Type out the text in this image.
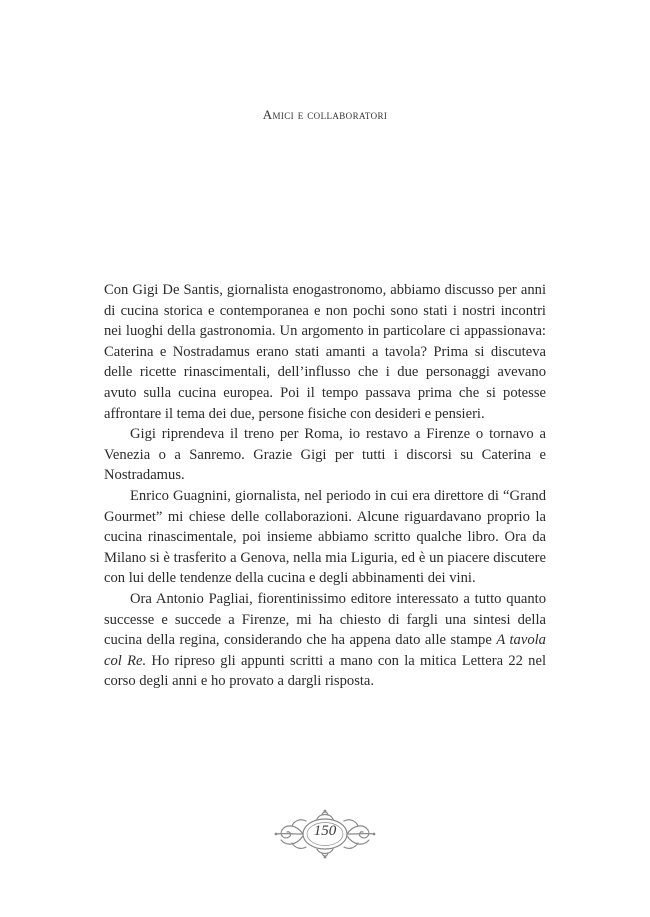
Amici e collaboratori

Con Gigi De Santis, giornalista enogastronomo, abbiamo discusso per anni di cucina storica e contemporanea e non pochi sono stati i nostri incontri nei luoghi della gastronomia. Un argomento in particolare ci appassionava: Caterina e Nostradamus erano stati amanti a tavola? Prima si discuteva delle ricette rinascimentali, dell’influsso che i due personaggi avevano avuto sulla cucina europea. Poi il tempo passava prima che si potesse affrontare il tema dei due, persone fisiche con desideri e pensieri.

Gigi riprendeva il treno per Roma, io restavo a Firenze o tornavo a Venezia o a Sanremo. Grazie Gigi per tutti i discorsi su Caterina e Nostradamus.

Enrico Guagnini, giornalista, nel periodo in cui era direttore di “Grand Gourmet” mi chiese delle collaborazioni. Alcune riguardavano proprio la cucina rinascimentale, poi insieme abbiamo scritto qualche libro. Ora da Milano si è trasferito a Genova, nella mia Liguria, ed è un piacere discutere con lui delle tendenze della cucina e degli abbinamenti dei vini.

Ora Antonio Pagliai, fiorentinissimo editore interessato a tutto quanto successe e succede a Firenze, mi ha chiesto di fargli una sintesi della cucina della regina, considerando che ha appena dato alle stampe A tavola col Re. Ho ripreso gli appunti scritti a mano con la mitica Lettera 22 nel corso degli anni e ho provato a dargli risposta.

150
